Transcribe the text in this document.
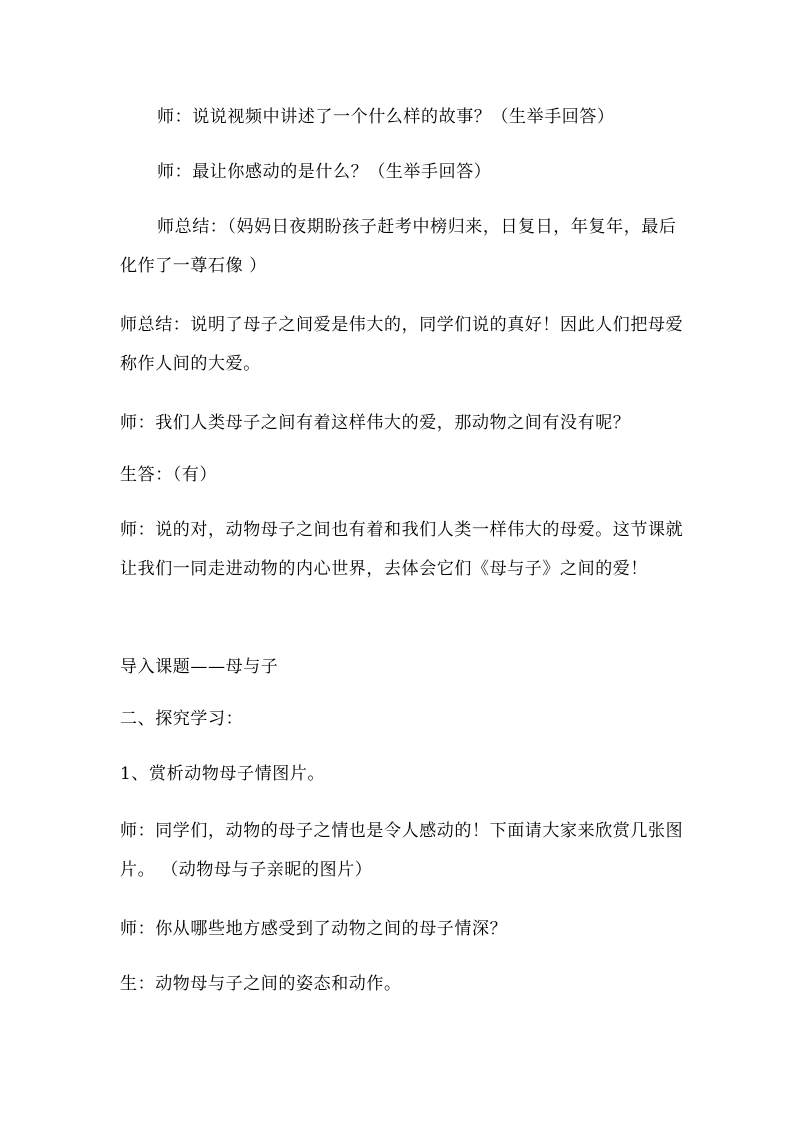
师：说说视频中讲述了一个什么样的故事？（生举手回答）

师：最让你感动的是什么？（生举手回答）

师总结：（妈妈日夜期盼孩子赶考中榜归来，日复日，年复年，最后化作了一尊石像 ）

师总结：说明了母子之间爱是伟大的，同学们说的真好！因此人们把母爱称作人间的大爱。

师：我们人类母子之间有着这样伟大的爱，那动物之间有没有呢？

生答：（有）

师：说的对，动物母子之间也有着和我们人类一样伟大的母爱。这节课就让我们一同走进动物的内心世界，去体会它们《母与子》之间的爱！

导入课题——母与子

二、探究学习：

1、赏析动物母子情图片。

师：同学们，动物的母子之情也是令人感动的！下面请大家来欣赏几张图片。 （动物母与子亲昵的图片）

师：你从哪些地方感受到了动物之间的母子情深？

生：动物母与子之间的姿态和动作。
